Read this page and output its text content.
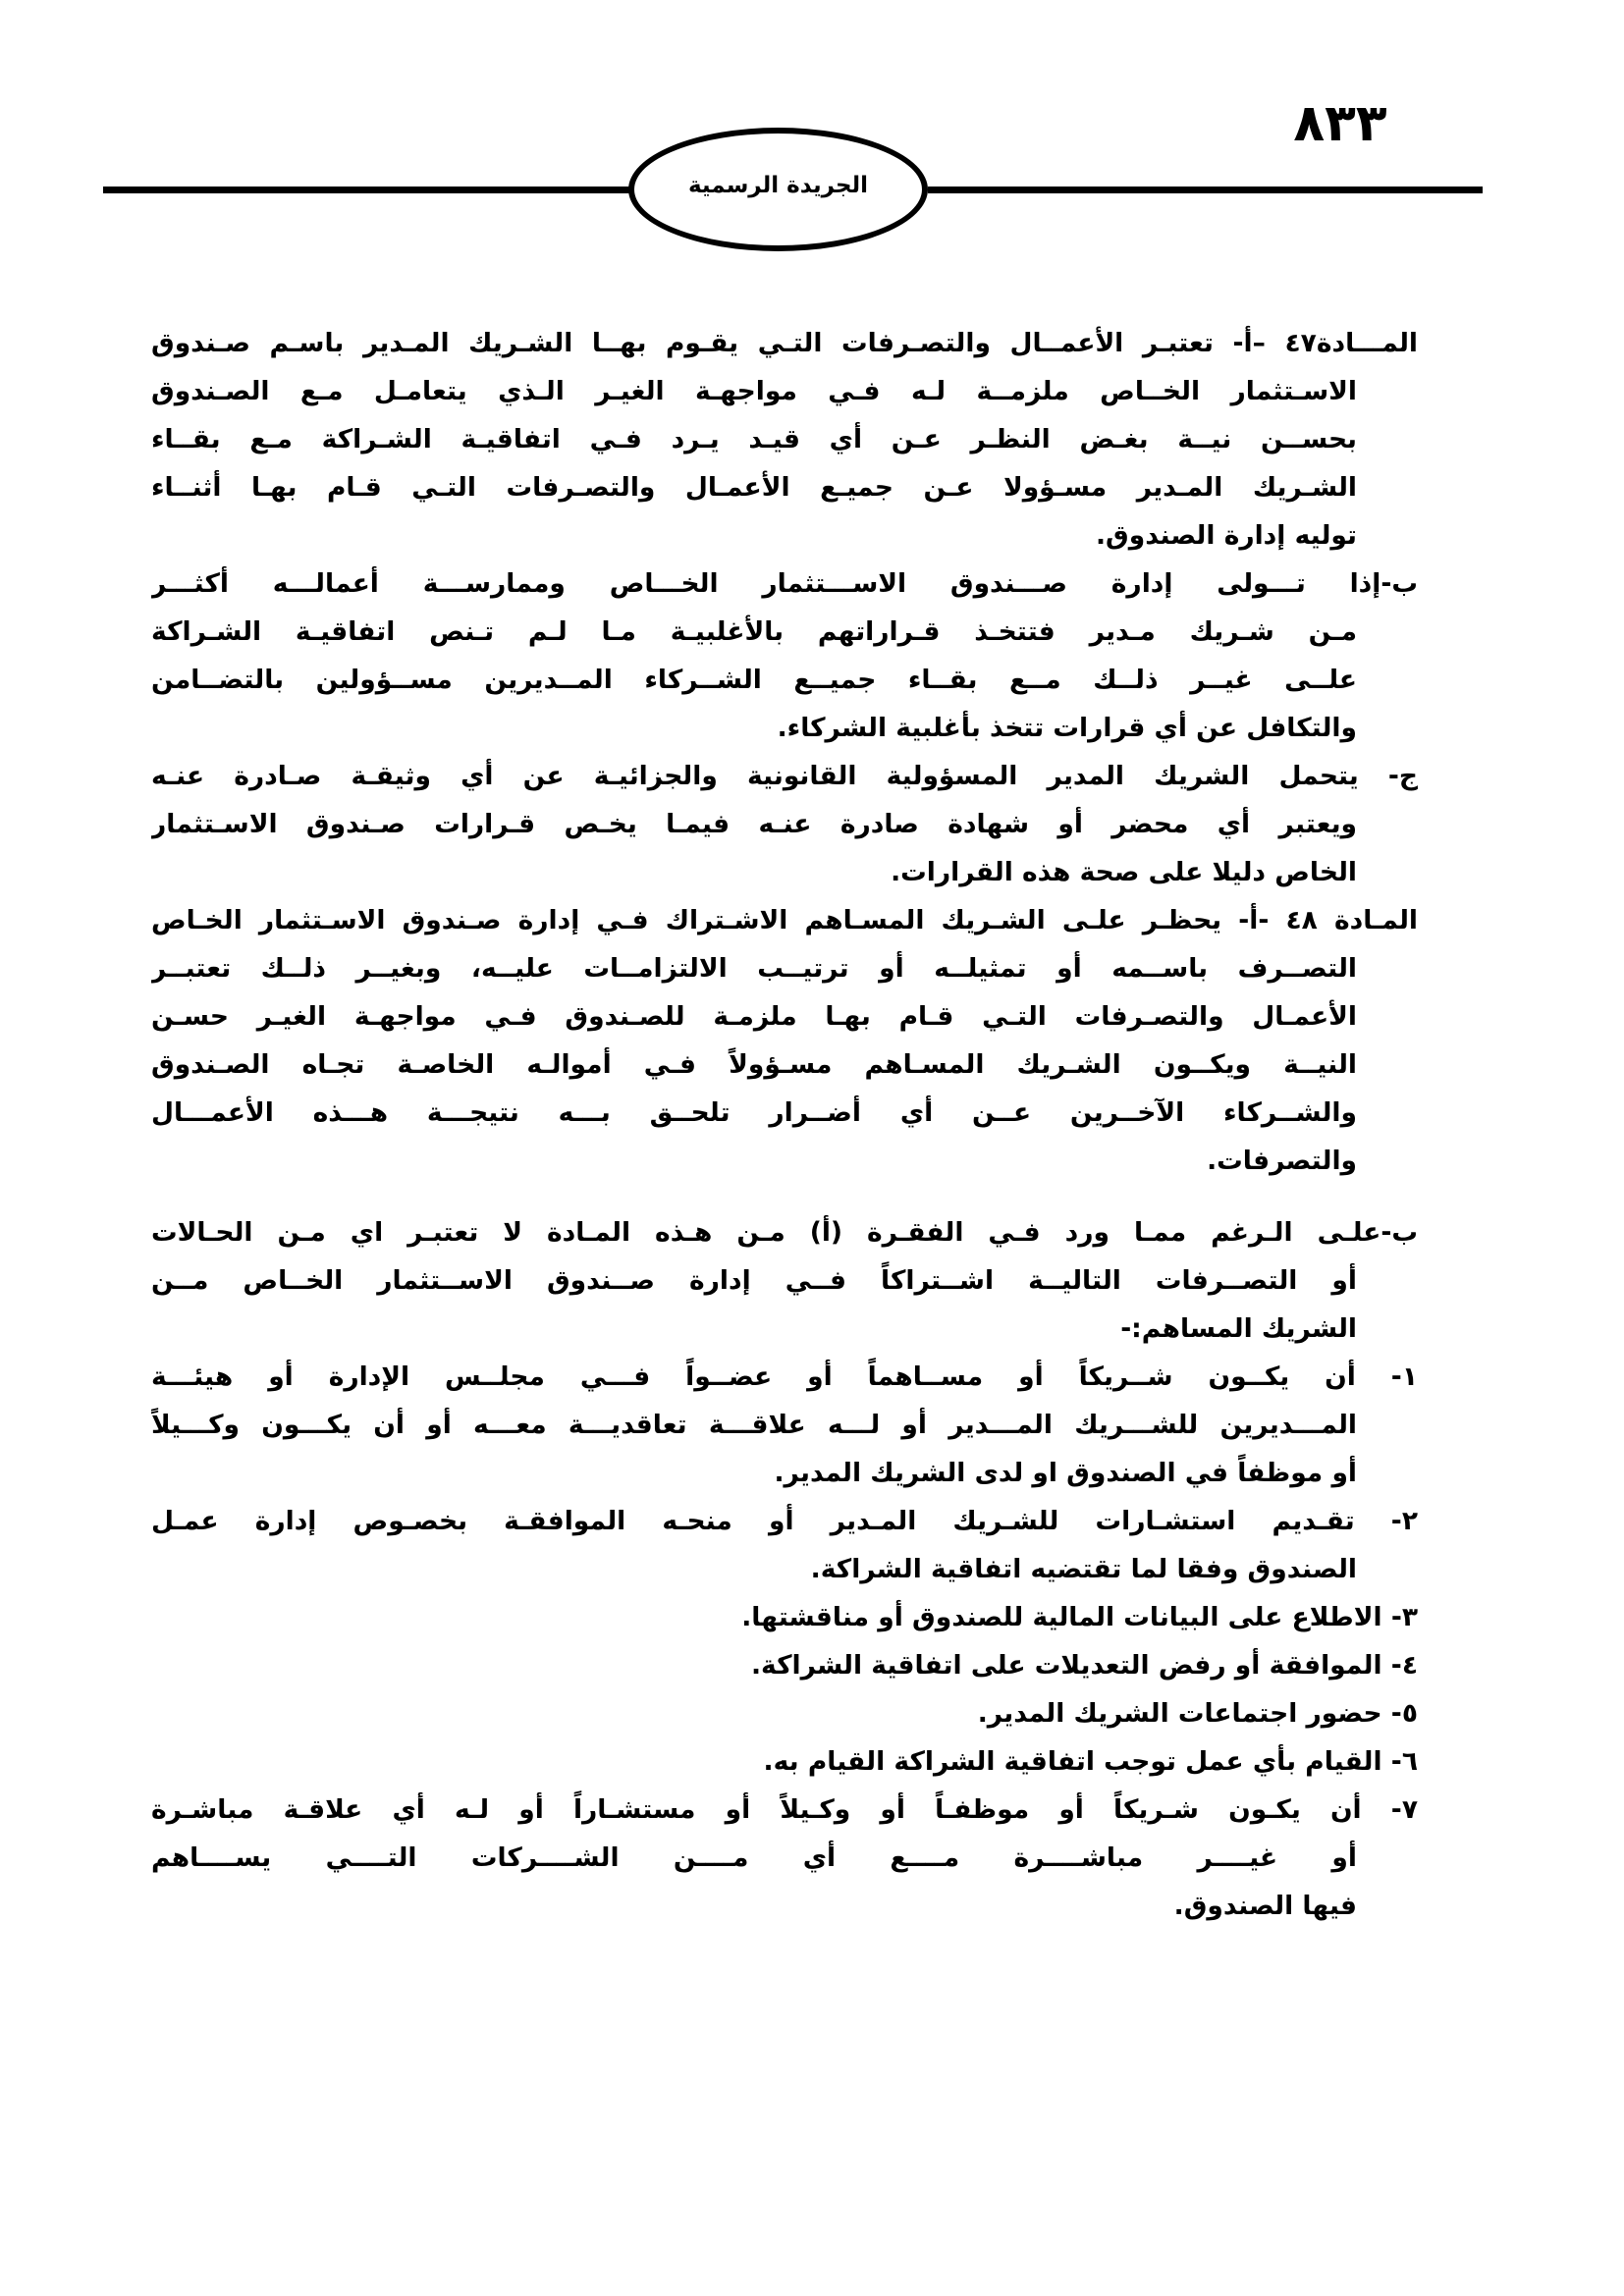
٨٣٣
الجريدة الرسمية
المـــادة٤٧ –أ- تعتبـر الأعمــال والتصـرفات التـي يقـوم بهــا الشـريك المـدير باسـم صـندوق
الاسـتثمار الخــاص ملزمــة لـه فـي مواجهـة الغيـر الـذي يتعامـل مـع الصـندوق
بحســن نيــة بغـض النظـر عـن أي قيـد يـرد فـي اتفاقيـة الشـراكة مـع بقــاء
الشـريك المـدير مسـؤولا عـن جميـع الأعمـال والتصـرفات التـي قـام بهـا أثنــاء
توليه إدارة الصندوق.
ب-إذا تـــولى إدارة صـــندوق الاســـتثمار الخـــاص وممارســـة أعمالـــه أكثـــر
مـن شـريك مـدير فتتخـذ قـراراتهم بالأغلبيـة مـا لـم تـنص اتفاقيـة الشـراكة
علــى غيــر ذلــك مــع بقــاء جميــع الشــركاء المــديرين مســؤولين بالتضــامن
والتكافل عن أي قرارات تتخذ بأغلبية الشركاء.
ج- يتحمل الشريك المدير المسؤولية القانونية والجزائيـة عن أي وثيقـة صـادرة عنـه
ويعتبر أي محضر أو شهادة صادرة عنـه فيمـا يخـص قـرارات صـندوق الاسـتثمار
الخاص دليلا على صحة هذه القرارات.
المـادة ٤٨ -أ- يحظـر علـى الشـريك المسـاهم الاشـتراك فـي إدارة صـندوق الاسـتثمار الخـاص
التصــرف باســمه أو تمثيلــه أو ترتيــب الالتزامــات عليــه، وبغيــر ذلــك تعتبــر
الأعمـال والتصـرفات التـي قـام بهـا ملزمـة للصـندوق فـي مواجهـة الغيـر حسـن
النيــة ويكــون الشـريك المسـاهم مسـؤولاً فـي أموالـه الخاصـة تجـاه الصـندوق
والشــركاء الآخــرين عــن أي أضــرار تلحــق بـــه نتيجـــة هـــذه الأعمـــال
والتصرفات.
ب-علـى الـرغم ممـا ورد فـي الفقـرة (أ) مـن هـذه المـادة لا تعتبـر اي مـن الحـالات
أو التصــرفات التاليــة اشــتراكاً فــي إدارة صــندوق الاســتثمار الخــاص مــن
الشريك المساهم:-
١- أن يكــون شــريكاً أو مســاهماً أو عضــواً فـــي مجلــس الإدارة أو هيئـــة
المـــديرين للشـــريك المـــدير أو لـــه علاقـــة تعاقديـــة معـــه أو أن يكـــون وكـــيلاً
أو موظفاً في الصندوق او لدى الشريك المدير.
٢- تقـديم استشـارات للشـريك المـدير أو منحـه الموافقـة بخصـوص إدارة عمـل
الصندوق وفقا لما تقتضيه اتفاقية الشراكة.
٣- الاطلاع على البيانات المالية للصندوق أو مناقشتها.
٤- الموافقة أو رفض التعديلات على اتفاقية الشراكة.
٥- حضور اجتماعات الشريك المدير.
٦- القيام بأي عمل توجب اتفاقية الشراكة القيام به.
٧- أن يكـون شـريكاً أو موظفـاً أو وكـيلاً أو مستشـاراً أو لـه أي علاقـة مباشـرة
أو غيــــر مباشــــرة مــــع أي مــــن الشــــركات التــــي يســــاهم
فيها الصندوق.
